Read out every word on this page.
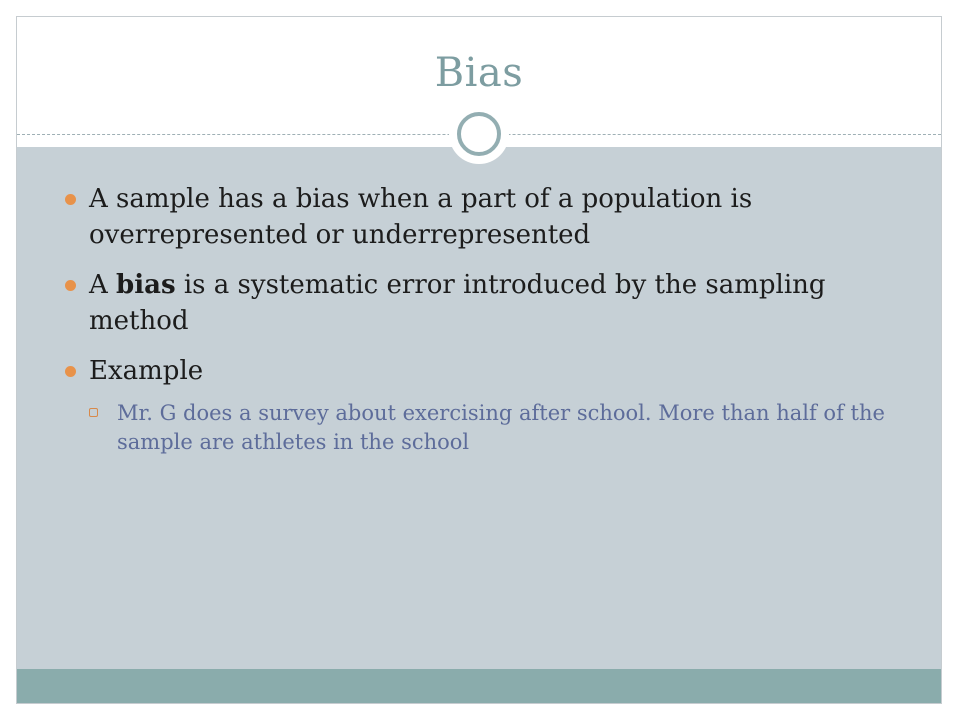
Bias
A sample has a bias when a part of a population is overrepresented or underrepresented
A bias is a systematic error introduced by the sampling method
Example
Mr. G does a survey about exercising after school. More than half of the sample are athletes in the school
